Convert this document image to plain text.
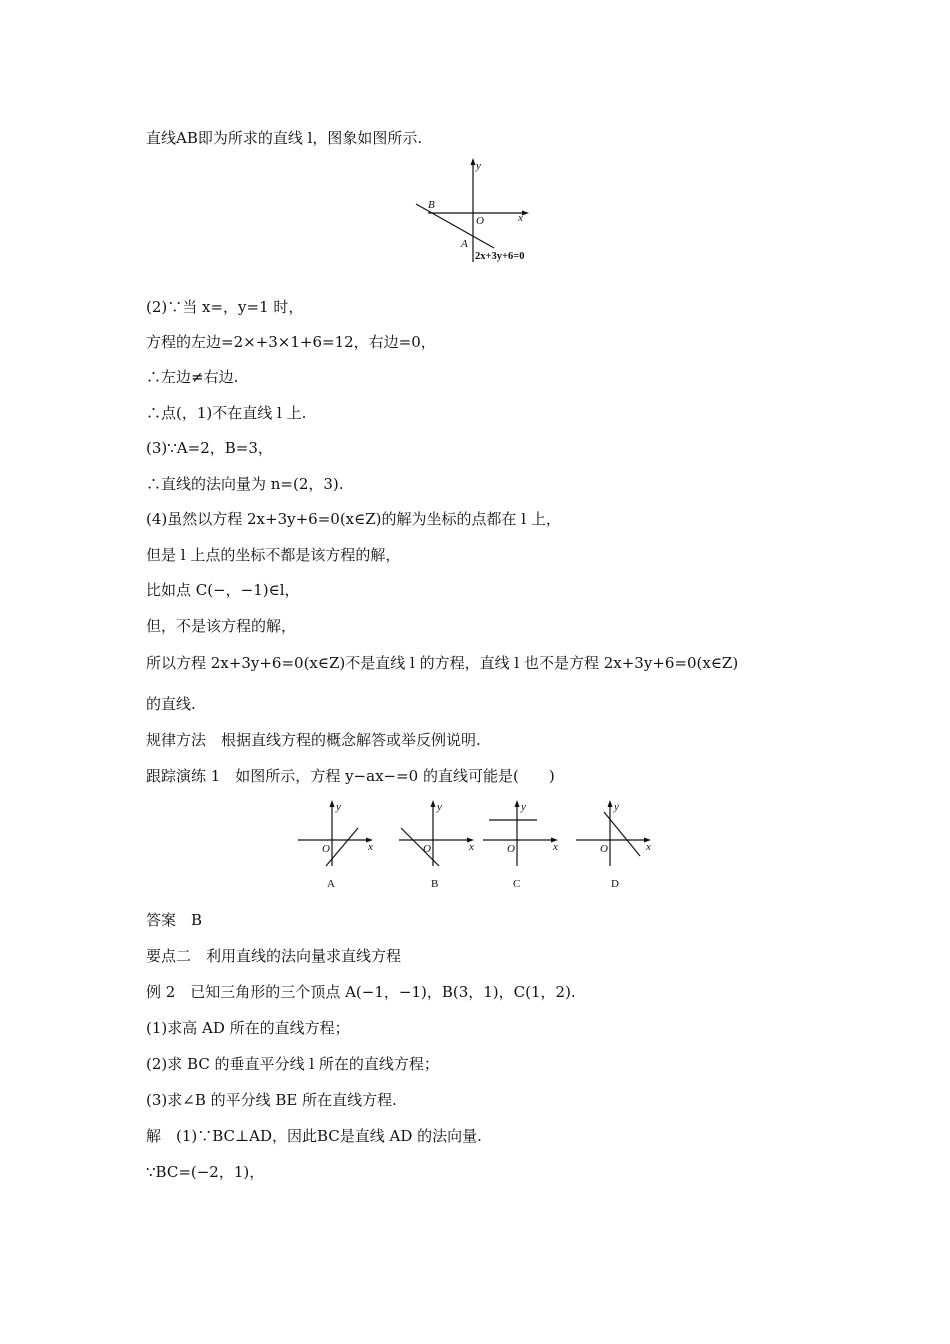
直线AB即为所求的直线 l，图象如图所示.
y
x
O
B
A
2x+3y+6=0
(2)∵当 x=，y=1 时，
方程的左边=2×+3×1+6=12，右边=0，
∴左边≠右边.
∴点(，1)不在直线 l 上.
(3)∵A=2，B=3，
∴直线的法向量为 n=(2，3).
(4)虽然以方程 2x+3y+6=0(x∈Z)的解为坐标的点都在 l 上，
但是 l 上点的坐标不都是该方程的解，
比如点 C(−，−1)∈l，
但，不是该方程的解，
所以方程 2x+3y+6=0(x∈Z)不是直线 l 的方程，直线 l 也不是方程 2x+3y+6=0(x∈Z)
的直线.
规律方法　根据直线方程的概念解答或举反例说明.
跟踪演练 1　如图所示，方程 y−ax−=0 的直线可能是(　　)
y
x
O
A
y
x
O
B
y
x
O
C
y
x
O
D
答案　B
要点二　利用直线的法向量求直线方程
例 2　已知三角形的三个顶点 A(−1，−1)，B(3，1)，C(1，2).
(1)求高 AD 所在的直线方程；
(2)求 BC 的垂直平分线 l 所在的直线方程；
(3)求∠B 的平分线 BE 所在直线方程.
解　(1)∵BC⊥AD，因此BC是直线 AD 的法向量.
∵BC=(−2，1)，
